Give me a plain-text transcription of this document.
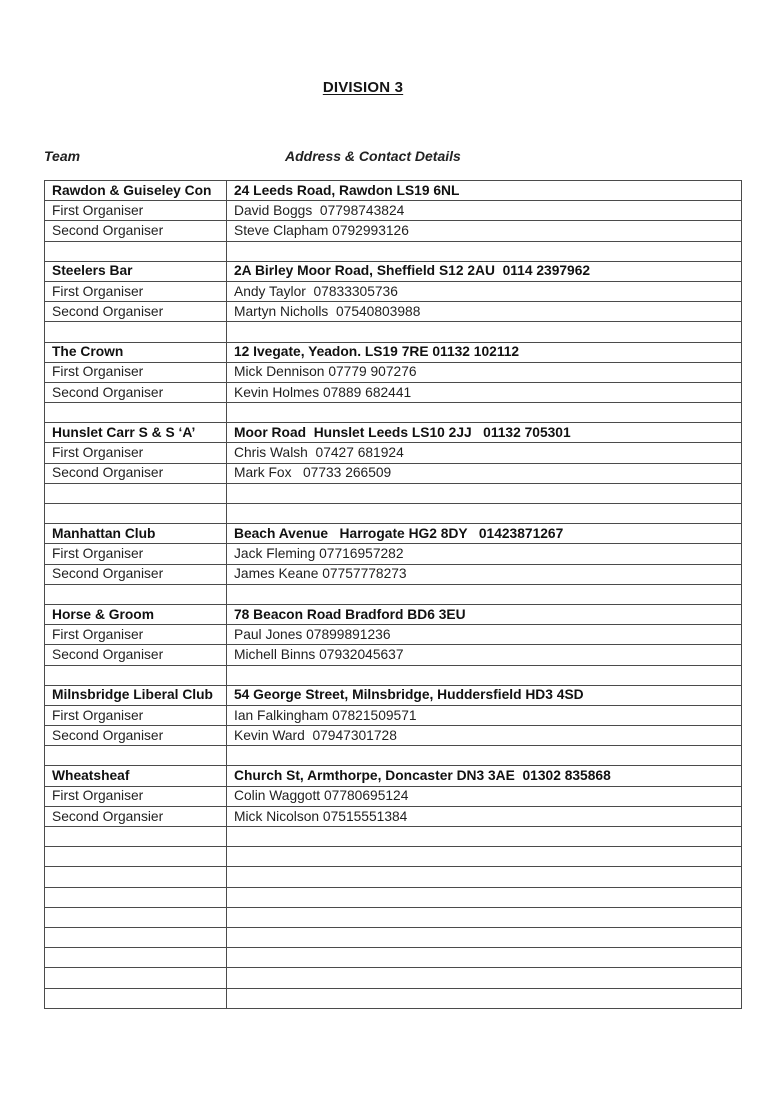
DIVISION 3
Team	Address & Contact Details
Rawdon & Guiseley Con	24 Leeds Road, Rawdon LS19 6NL
First Organiser	David Boggs  07798743824
Second Organiser	Steve Clapham 0792993126

Steelers Bar	2A Birley Moor Road, Sheffield S12 2AU  0114 2397962
First Organiser	Andy Taylor  07833305736
Second Organiser	Martyn Nicholls  07540803988

The Crown	12 Ivegate, Yeadon. LS19 7RE 01132 102112
First Organiser	Mick Dennison 07779 907276
Second Organiser	Kevin Holmes 07889 682441

Hunslet Carr S & S ‘A’	Moor Road  Hunslet Leeds LS10 2JJ   01132 705301
First Organiser	Chris Walsh  07427 681924
Second Organiser	Mark Fox   07733 266509

Manhattan Club	Beach Avenue   Harrogate HG2 8DY   01423871267
First Organiser	Jack Fleming 07716957282
Second Organiser	James Keane 07757778273

Horse & Groom	78 Beacon Road Bradford BD6 3EU
First Organiser	Paul Jones 07899891236
Second Organiser	Michell Binns 07932045637

Milnsbridge Liberal Club	54 George Street, Milnsbridge, Huddersfield HD3 4SD
First Organiser	Ian Falkingham 07821509571
Second Organiser	Kevin Ward  07947301728

Wheatsheaf	Church St, Armthorpe, Doncaster DN3 3AE  01302 835868
First Organiser	Colin Waggott 07780695124
Second Organsier	Mick Nicolson 07515551384
